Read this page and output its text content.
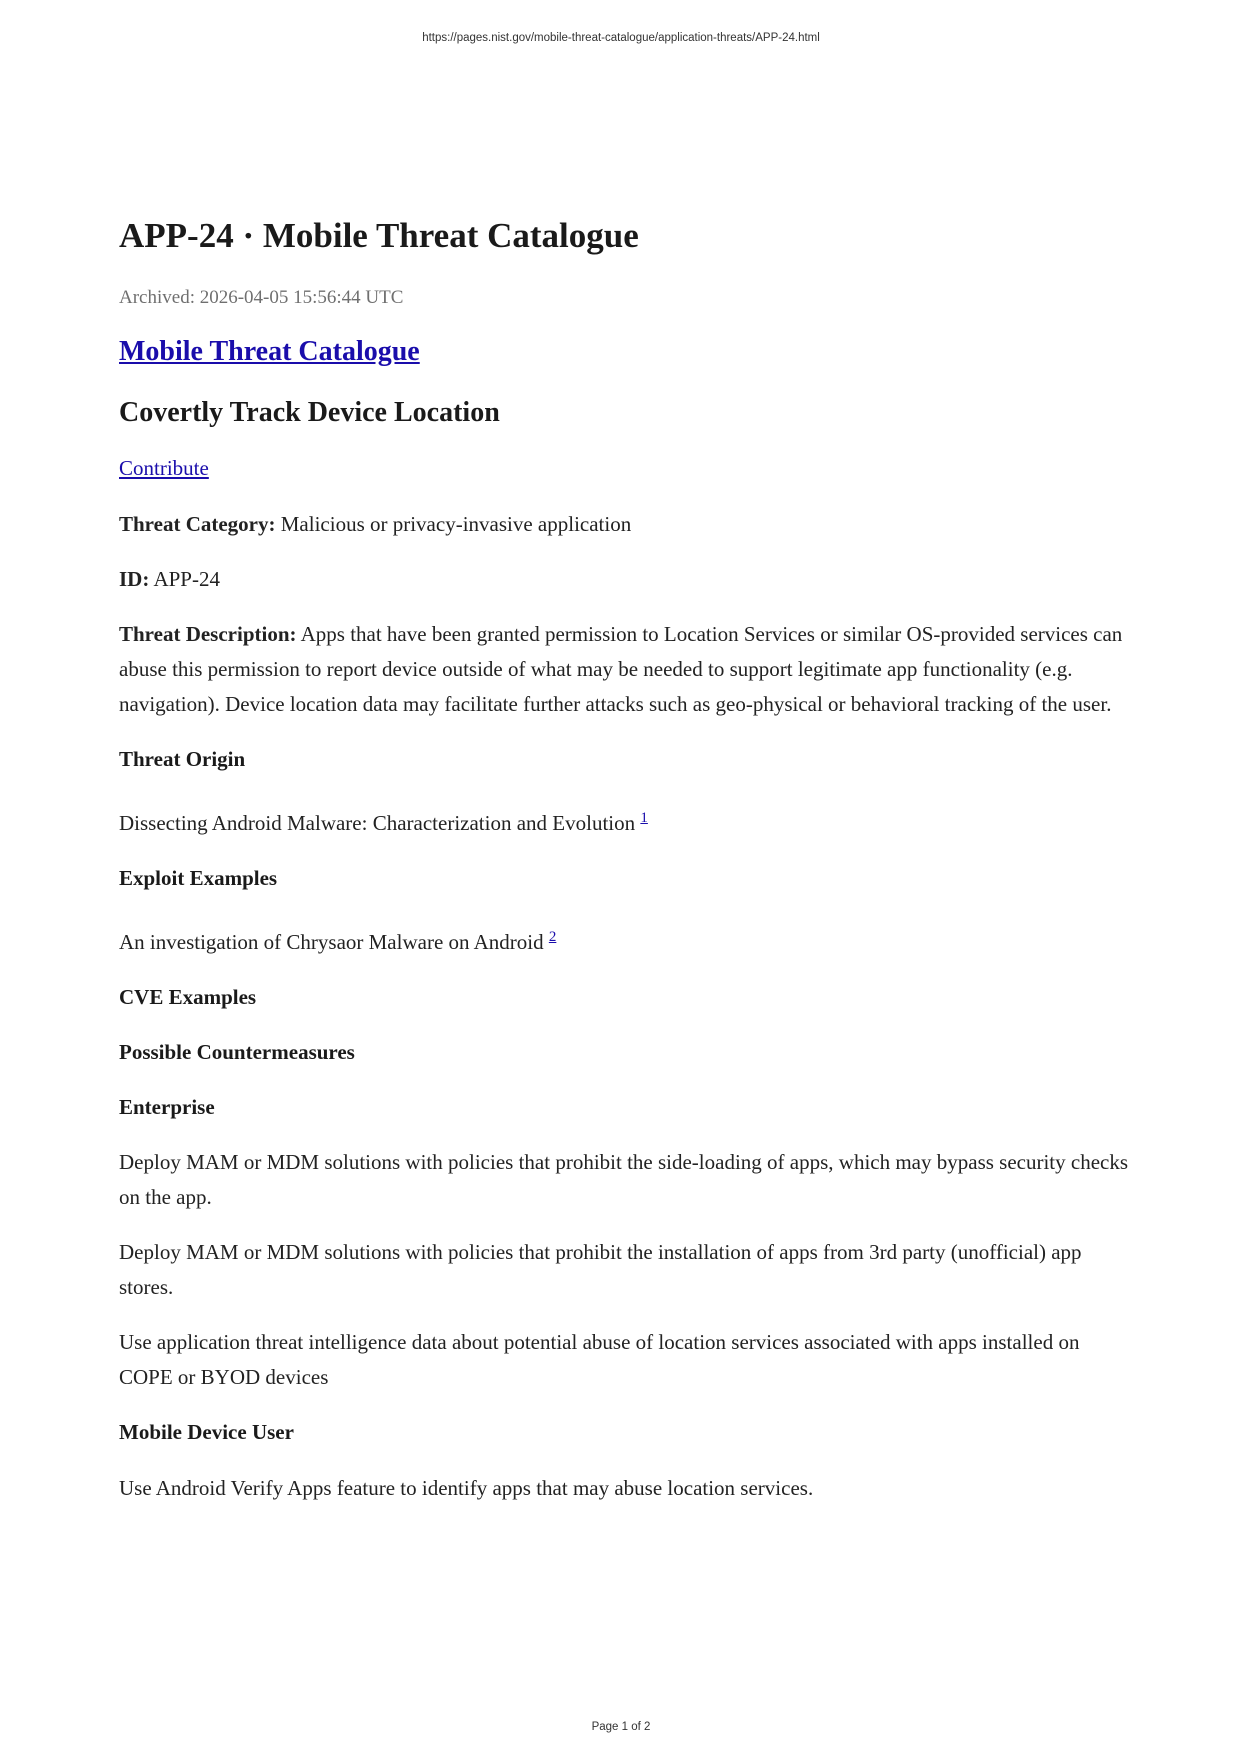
https://pages.nist.gov/mobile-threat-catalogue/application-threats/APP-24.html
APP-24 · Mobile Threat Catalogue
Archived: 2026-04-05 15:56:44 UTC
Mobile Threat Catalogue
Covertly Track Device Location

Contribute

Threat Category: Malicious or privacy-invasive application

ID: APP-24

Threat Description: Apps that have been granted permission to Location Services or similar OS-provided services can abuse this permission to report device outside of what may be needed to support legitimate app functionality (e.g. navigation). Device location data may facilitate further attacks such as geo-physical or behavioral tracking of the user.

Threat Origin

Dissecting Android Malware: Characterization and Evolution $^1$

Exploit Examples

An investigation of Chrysaor Malware on Android $^2$

CVE Examples
Possible Countermeasures
Enterprise

Deploy MAM or MDM solutions with policies that prohibit the side-loading of apps, which may bypass security checks on the app.

Deploy MAM or MDM solutions with policies that prohibit the installation of apps from 3rd party (unofficial) app stores.

Use application threat intelligence data about potential abuse of location services associated with apps installed on COPE or BYOD devices

Mobile Device User

Use Android Verify Apps feature to identify apps that may abuse location services.

Page 1 of 2
